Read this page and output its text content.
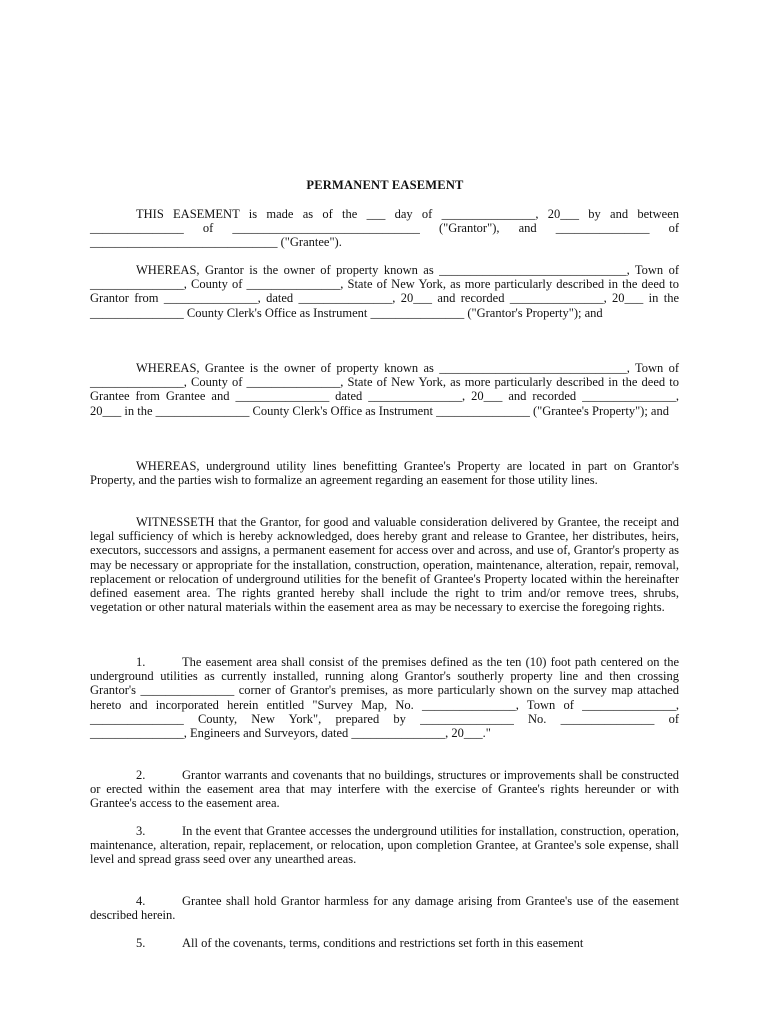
PERMANENT EASEMENT
THIS EASEMENT is made as of the ___ day of _______________, 20___ by and between _______________ of ______________________________ ("Grantor"), and _______________ of ______________________________ ("Grantee").
WHEREAS, Grantor is the owner of property known as ______________________________, Town of _______________, County of _______________, State of New York, as more particularly described in the deed to Grantor from _______________, dated _______________, 20___ and recorded _______________, 20___ in the _______________ County Clerk's Office as Instrument _______________ ("Grantor's Property"); and
WHEREAS, Grantee is the owner of property known as ______________________________, Town of _______________, County of _______________, State of New York, as more particularly described in the deed to Grantee from Grantee and _______________ dated _______________, 20___ and recorded _______________, 20___ in the _______________ County Clerk's Office as Instrument _______________ ("Grantee's Property"); and
WHEREAS, underground utility lines benefitting Grantee's Property are located in part on Grantor's Property, and the parties wish to formalize an agreement regarding an easement for those utility lines.
WITNESSETH that the Grantor, for good and valuable consideration delivered by Grantee, the receipt and legal sufficiency of which is hereby acknowledged, does hereby grant and release to Grantee, her distributes, heirs, executors, successors and assigns, a permanent easement for access over and across, and use of, Grantor's property as may be necessary or appropriate for the installation, construction, operation, maintenance, alteration, repair, removal, replacement or relocation of underground utilities for the benefit of Grantee's Property located within the hereinafter defined easement area. The rights granted hereby shall include the right to trim and/or remove trees, shrubs, vegetation or other natural materials within the easement area as may be necessary to exercise the foregoing rights.
1.	The easement area shall consist of the premises defined as the ten (10) foot path centered on the underground utilities as currently installed, running along Grantor's southerly property line and then crossing Grantor's _______________ corner of Grantor's premises, as more particularly shown on the survey map attached hereto and incorporated herein entitled "Survey Map, No. _______________, Town of _______________, _______________ County, New York", prepared by _______________ No. _______________ of _______________, Engineers and Surveyors, dated _______________, 20___."
2.	Grantor warrants and covenants that no buildings, structures or improvements shall be constructed or erected within the easement area that may interfere with the exercise of Grantee's rights hereunder or with Grantee's access to the easement area.
3.	In the event that Grantee accesses the underground utilities for installation, construction, operation, maintenance, alteration, repair, replacement, or relocation, upon completion Grantee, at Grantee's sole expense, shall level and spread grass seed over any unearthed areas.
4.	Grantee shall hold Grantor harmless for any damage arising from Grantee's use of the easement described herein.
5.	All of the covenants, terms, conditions and restrictions set forth in this easement
